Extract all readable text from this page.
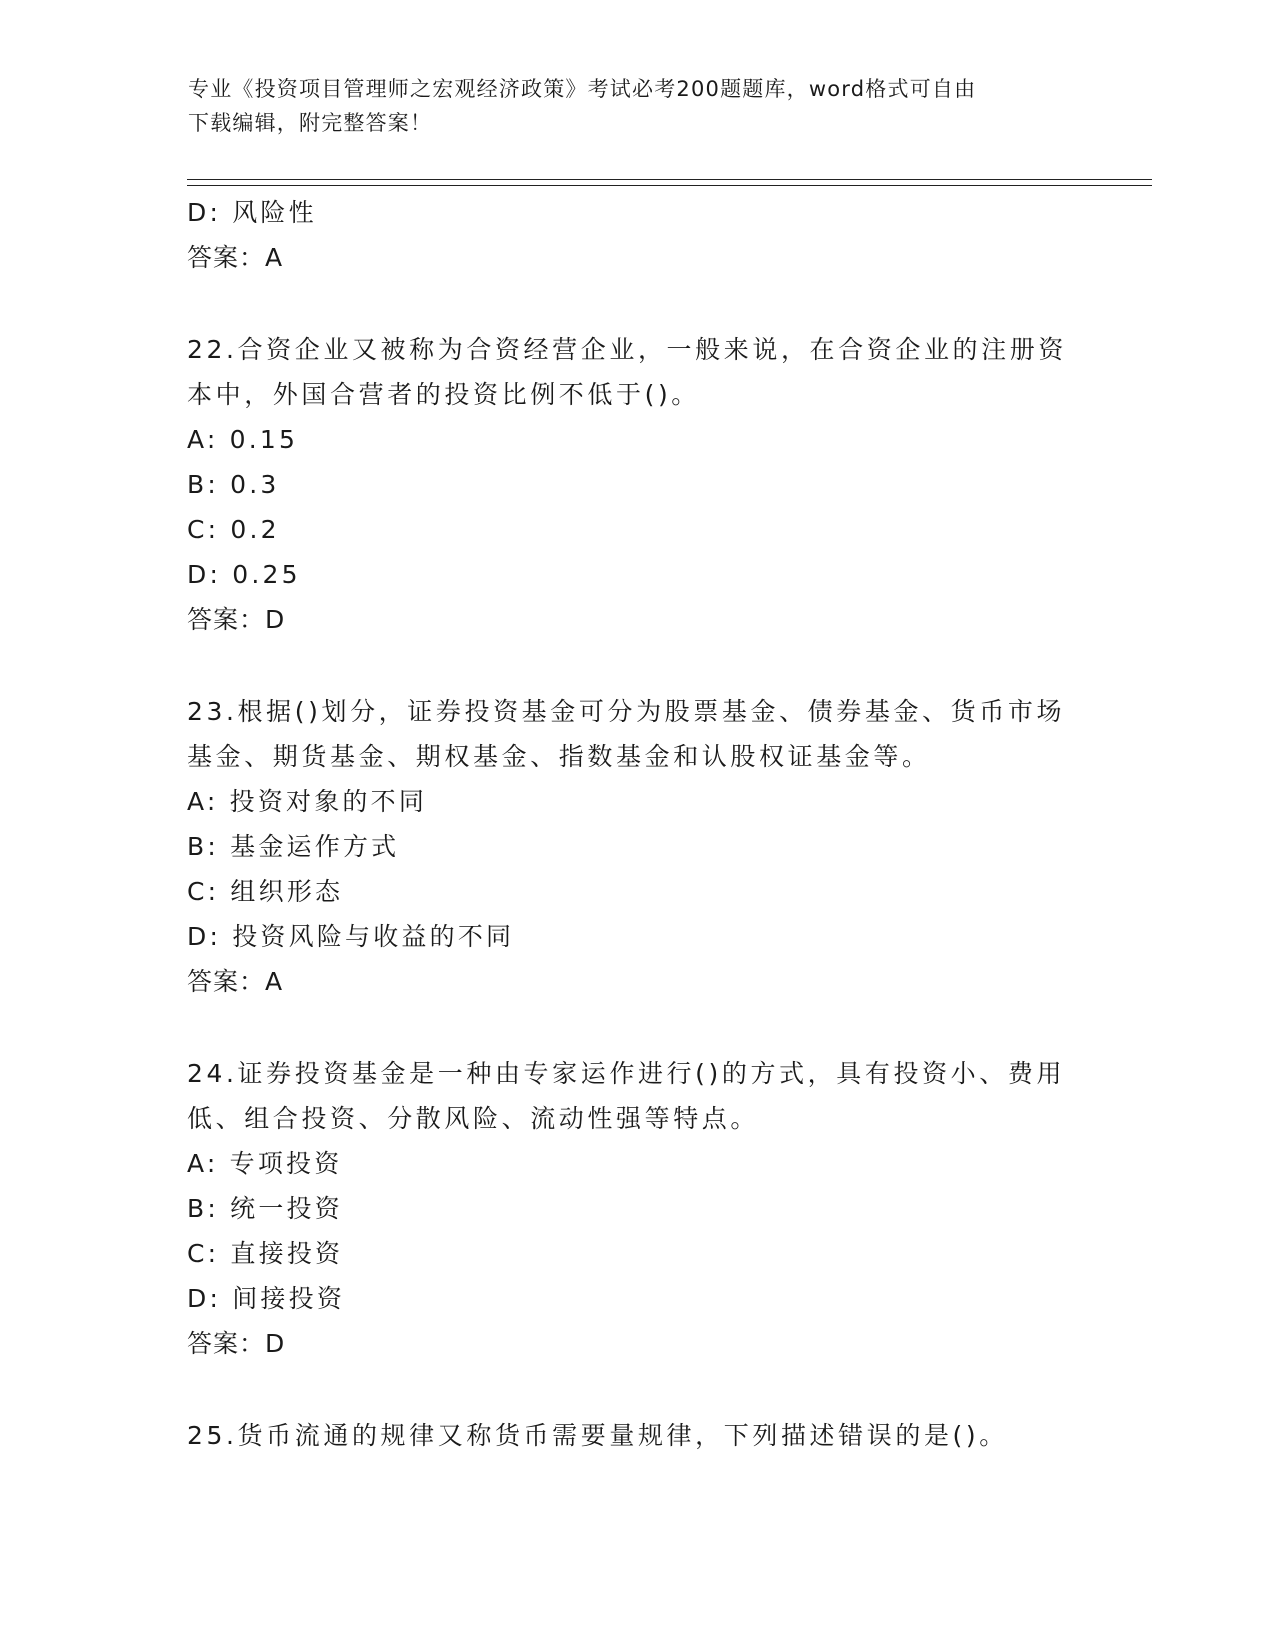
专业《投资项目管理师之宏观经济政策》考试必考200题题库，word格式可自由
下载编辑，附完整答案！
D: 风险性
答案：A
22.合资企业又被称为合资经营企业，一般来说，在合资企业的注册资
本中，外国合营者的投资比例不低于()。
A: 0.15
B: 0.3
C: 0.2
D: 0.25
答案：D
23.根据()划分，证券投资基金可分为股票基金、债券基金、货币市场
基金、期货基金、期权基金、指数基金和认股权证基金等。
A: 投资对象的不同
B: 基金运作方式
C: 组织形态
D: 投资风险与收益的不同
答案：A
24.证券投资基金是一种由专家运作进行()的方式，具有投资小、费用
低、组合投资、分散风险、流动性强等特点。
A: 专项投资
B: 统一投资
C: 直接投资
D: 间接投资
答案：D
25.货币流通的规律又称货币需要量规律，下列描述错误的是()。
